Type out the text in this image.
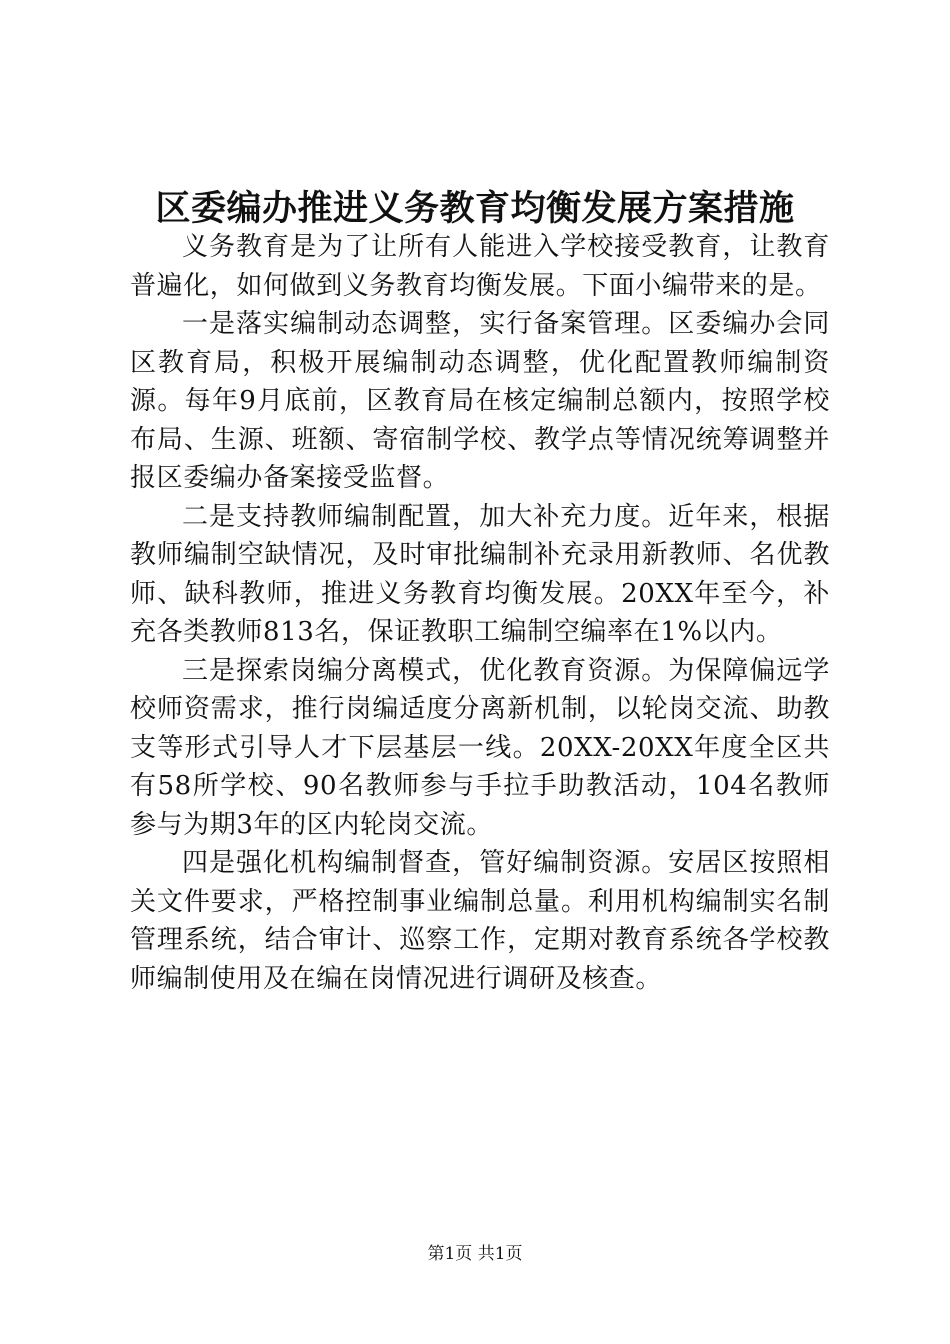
区委编办推进义务教育均衡发展方案措施

义务教育是为了让所有人能进入学校接受教育，让教育普遍化，如何做到义务教育均衡发展。下面小编带来的是。

一是落实编制动态调整，实行备案管理。区委编办会同区教育局，积极开展编制动态调整，优化配置教师编制资源。每年9月底前，区教育局在核定编制总额内，按照学校布局、生源、班额、寄宿制学校、教学点等情况统筹调整并报区委编办备案接受监督。

二是支持教师编制配置，加大补充力度。近年来，根据教师编制空缺情况，及时审批编制补充录用新教师、名优教师、缺科教师，推进义务教育均衡发展。20XX年至今，补充各类教师813名，保证教职工编制空编率在1%以内。

三是探索岗编分离模式，优化教育资源。为保障偏远学校师资需求，推行岗编适度分离新机制，以轮岗交流、助教支等形式引导人才下层基层一线。20XX-20XX年度全区共有58所学校、90名教师参与手拉手助教活动，104名教师参与为期3年的区内轮岗交流。

四是强化机构编制督查，管好编制资源。安居区按照相关文件要求，严格控制事业编制总量。利用机构编制实名制管理系统，结合审计、巡察工作，定期对教育系统各学校教师编制使用及在编在岗情况进行调研及核查。

第1页 共1页
